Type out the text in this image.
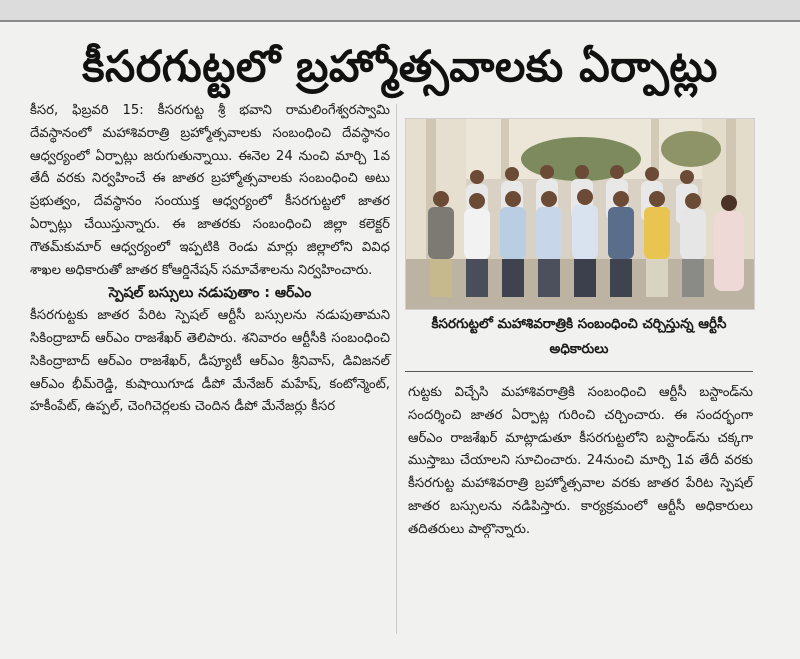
కీసరగుట్టలో బ్రహ్మోత్సవాలకు ఏర్పాట్లు

కీసర, ఫిబ్రవరి 15: కీసరగుట్ట శ్రీ భవాని రామలింగేశ్వరస్వామి దేవస్థానంలో మహాశివరాత్రి బ్రహ్మోత్సవాలకు సంబంధించి దేవస్థానం ఆధ్వర్యంలో ఏర్పాట్లు జరుగుతున్నాయి. ఈనెల 24 నుంచి మార్చి 1వ తేదీ వరకు నిర్వహించే ఈ జాతర బ్రహ్మోత్సవాలకు సంబంధించి అటు ప్రభుత్వం, దేవస్థానం సంయుక్త ఆధ్వర్యంలో కీసరగుట్టలో జాతర ఏర్పాట్లు చేయిస్తున్నారు. ఈ జాతరకు సంబంధించి జిల్లా కలెక్టర్ గౌతమ్‌కుమార్ ఆధ్వర్యంలో ఇప్పటికి రెండు మార్లు జిల్లాలోని వివిధ శాఖల అధికారుతో జాతర కోఆర్డినేషన్ సమావేశాలను నిర్వహించారు.

స్పెషల్ బస్సులు నడుపుతాం : ఆర్ఎం

కీసరగుట్టకు జాతర పేరిట స్పెషల్ ఆర్టీసీ బస్సులను నడుపుతామని సికింద్రాబాద్ ఆర్ఎం రాజశేఖర్ తెలిపారు. శనివారం ఆర్టీసీకి సంబంధించి సికింద్రాబాద్ ఆర్ఎం రాజశేఖర్, డీప్యూటీ ఆర్ఎం శ్రీనివాస్, డివిజనల్ ఆర్ఎం భీమ్‌రెడ్డి, కుషాయిగూడ డీపో మేనేజర్ మహేష్, కంటోన్మెంట్, హకీంపేట్, ఉప్పల్, చెంగిచెర్లలకు చెందిన డీపో మేనేజర్లు కీసర

కీసరగుట్టలో మహాశివరాత్రికి సంబంధించి చర్చిస్తున్న ఆర్టీసీ అధికారులు

గుట్టకు విచ్చేసి మహాశివరాత్రికి సంబంధించి ఆర్టీసీ బస్టాండ్‌ను సందర్శించి జాతర ఏర్పాట్ల గురించి చర్చించారు. ఈ సందర్భంగా ఆర్ఎం రాజశేఖర్ మాట్లాడుతూ కీసరగుట్టలోని బస్టాండ్‌ను చక్కగా ముస్తాబు చేయాలని సూచించారు. 24నుంచి మార్చి 1వ తేదీ వరకు కీసరగుట్ట మహాశివరాత్రి బ్రహ్మోత్సవాల వరకు జాతర పేరిట స్పెషల్ జాతర బస్సులను నడిపిస్తారు. కార్యక్రమంలో ఆర్టీసీ అధికారులు తదితరులు పాల్గొన్నారు.
